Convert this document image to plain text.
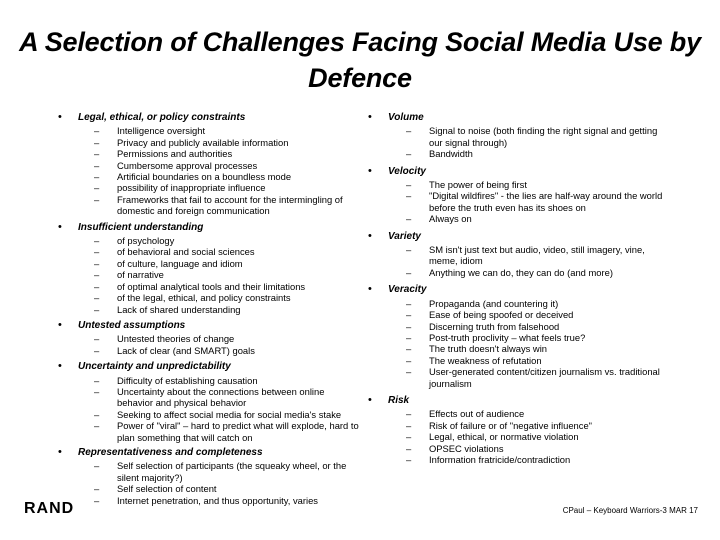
A Selection of Challenges Facing Social Media Use by Defence
• Legal, ethical, or policy constraints
– Intelligence oversight
– Privacy and publicly available information
– Permissions and authorities
– Cumbersome approval processes
– Artificial boundaries on a boundless mode
– possibility of inappropriate influence
– Frameworks that fail to account for the intermingling of domestic and foreign communication
• Insufficient understanding
– of psychology
– of behavioral and social sciences
– of culture, language and idiom
– of narrative
– of optimal analytical tools and their limitations
– of the legal, ethical, and policy constraints
– Lack of shared understanding
• Untested assumptions
– Untested theories of change
– Lack of clear (and SMART) goals
• Uncertainty and unpredictability
– Difficulty of establishing causation
– Uncertainty about the connections between online behavior and physical behavior
– Seeking to affect social media for social media's stake
– Power of "viral" – hard to predict what will explode, hard to plan something that will catch on
• Representativeness and completeness
– Self selection of participants (the squeaky wheel, or the silent majority?)
– Self selection of content
– Internet penetration, and thus opportunity, varies
• Volume
– Signal to noise (both finding the right signal and getting our signal through)
– Bandwidth
• Velocity
– The power of being first
– "Digital wildfires" - the lies are half-way around the world before the truth even has its shoes on
– Always on
• Variety
– SM isn't just text but audio, video, still imagery, vine, meme, idiom
– Anything we can do, they can do (and more)
• Veracity
– Propaganda (and countering it)
– Ease of being spoofed or deceived
– Discerning truth from falsehood
– Post-truth proclivity – what feels true?
– The truth doesn't always win
– The weakness of refutation
– User-generated content/citizen journalism vs. traditional journalism
• Risk
– Effects out of audience
– Risk of failure or of "negative influence"
– Legal, ethical, or normative violation
– OPSEC violations
– Information fratricide/contradiction
RAND	CPaul – Keyboard Warriors-3 MAR 17
